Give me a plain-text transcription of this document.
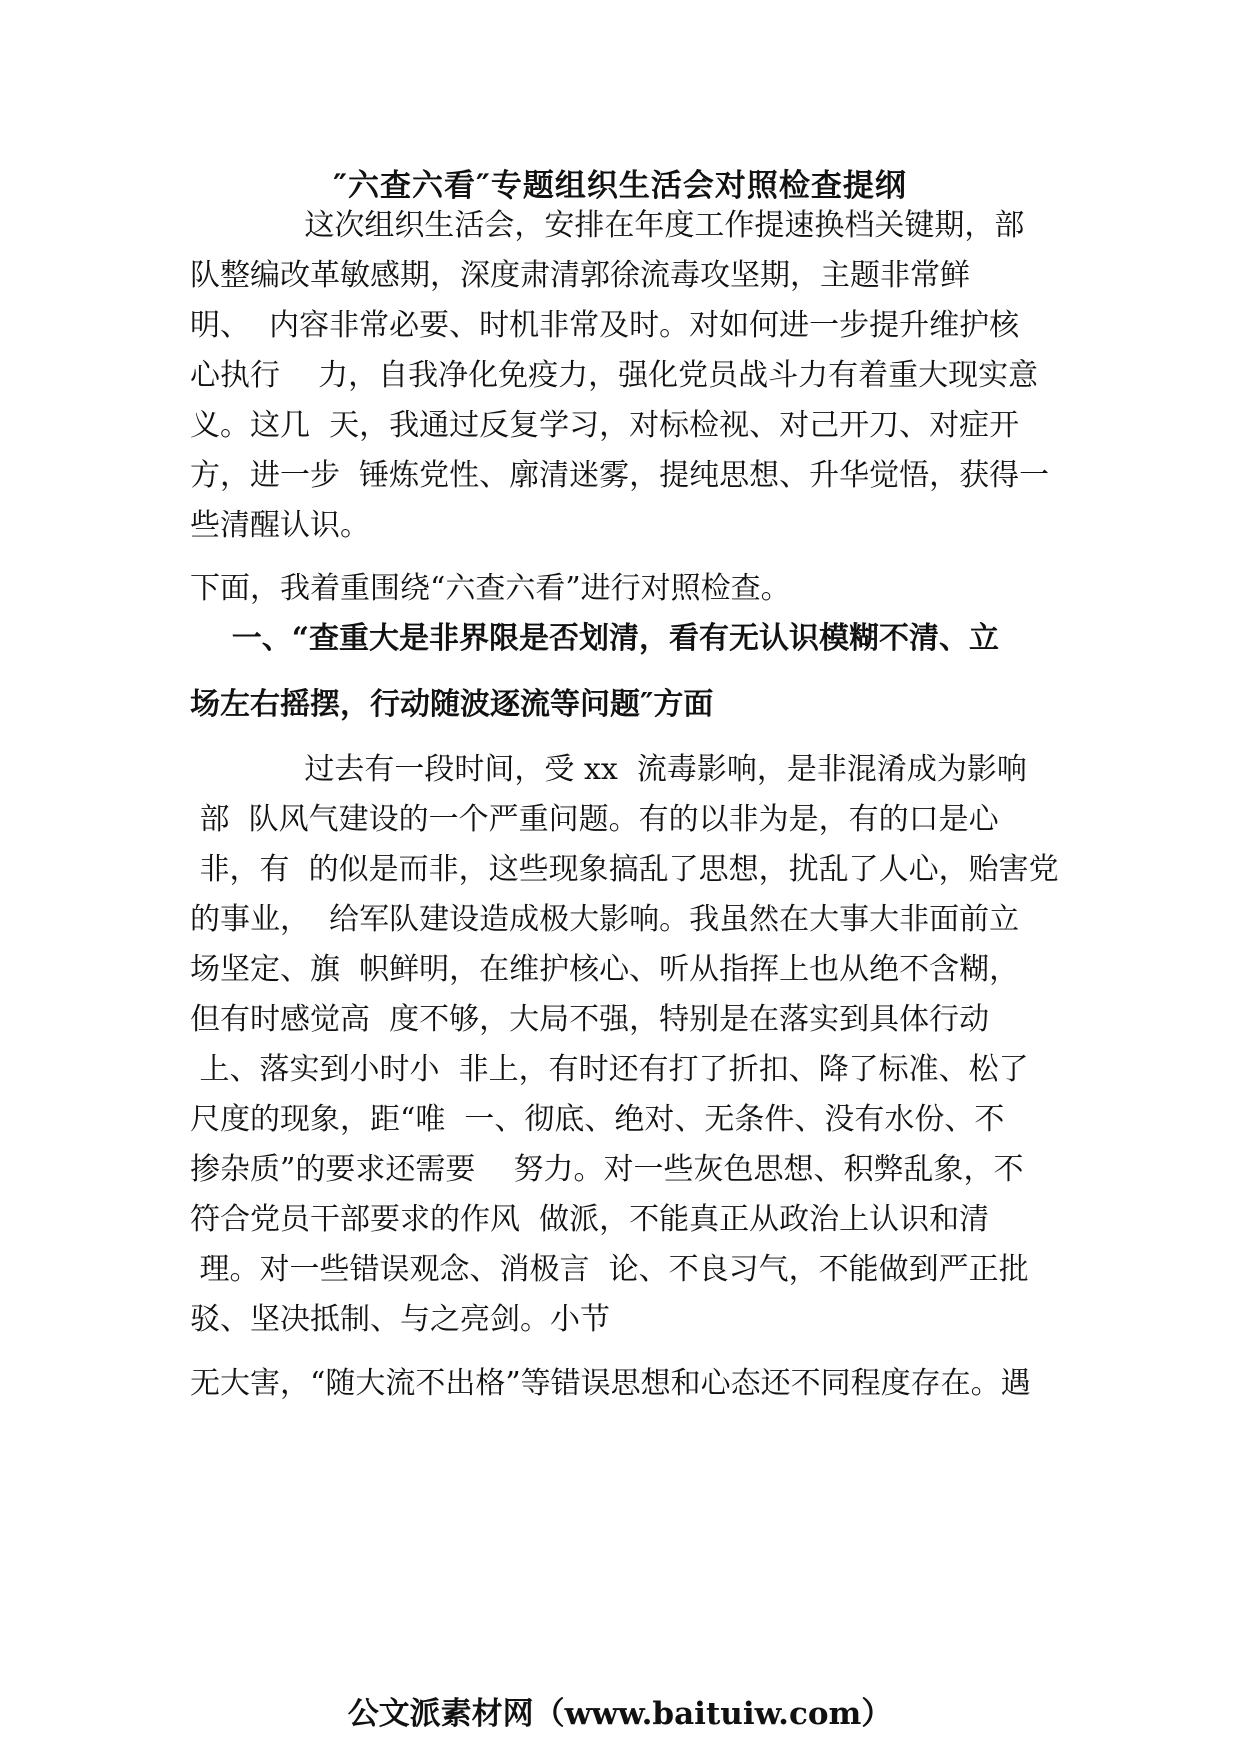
″六查六看″专题组织生活会对照检查提纲

这次组织生活会，安排在年度工作提速换档关键期，部

队整编改革敏感期，深度肃清郭徐流毒攻坚期，主题非常鲜

明、  内容非常必要、时机非常及时。对如何进一步提升维护核

心执行    力，自我净化免疫力，强化党员战斗力有着重大现实意

义。这几  天，我通过反复学习，对标检视、对己开刀、对症开

方，进一步  锤炼党性、廓清迷雾，提纯思想、升华觉悟，获得一

些清醒认识。

下面，我着重围绕“六查六看”进行对照检查。

一、“查重大是非界限是否划清，看有无认识模糊不清、立

场左右摇摆，行动随波逐流等问题″方面

过去有一段时间，受 xx  流毒影响，是非混淆成为影响

部  队风气建设的一个严重问题。有的以非为是，有的口是心

非，有  的似是而非，这些现象搞乱了思想，扰乱了人心，贻害党

的事业，  给军队建设造成极大影响。我虽然在大事大非面前立

场坚定、旗  帜鲜明，在维护核心、听从指挥上也从绝不含糊，

但有时感觉高  度不够，大局不强，特别是在落实到具体行动

上、落实到小时小  非上，有时还有打了折扣、降了标准、松了

尺度的现象，距“唯  一、彻底、绝对、无条件、没有水份、不

掺杂质”的要求还需要    努力。对一些灰色思想、积弊乱象，不

符合党员干部要求的作风  做派，不能真正从政治上认识和清

理。对一些错误观念、消极言  论、不良习气，不能做到严正批

驳、坚决抵制、与之亮剑。小节

无大害，“随大流不出格”等错误思想和心态还不同程度存在。遇

公文派素材网（www.baituiw.com）
